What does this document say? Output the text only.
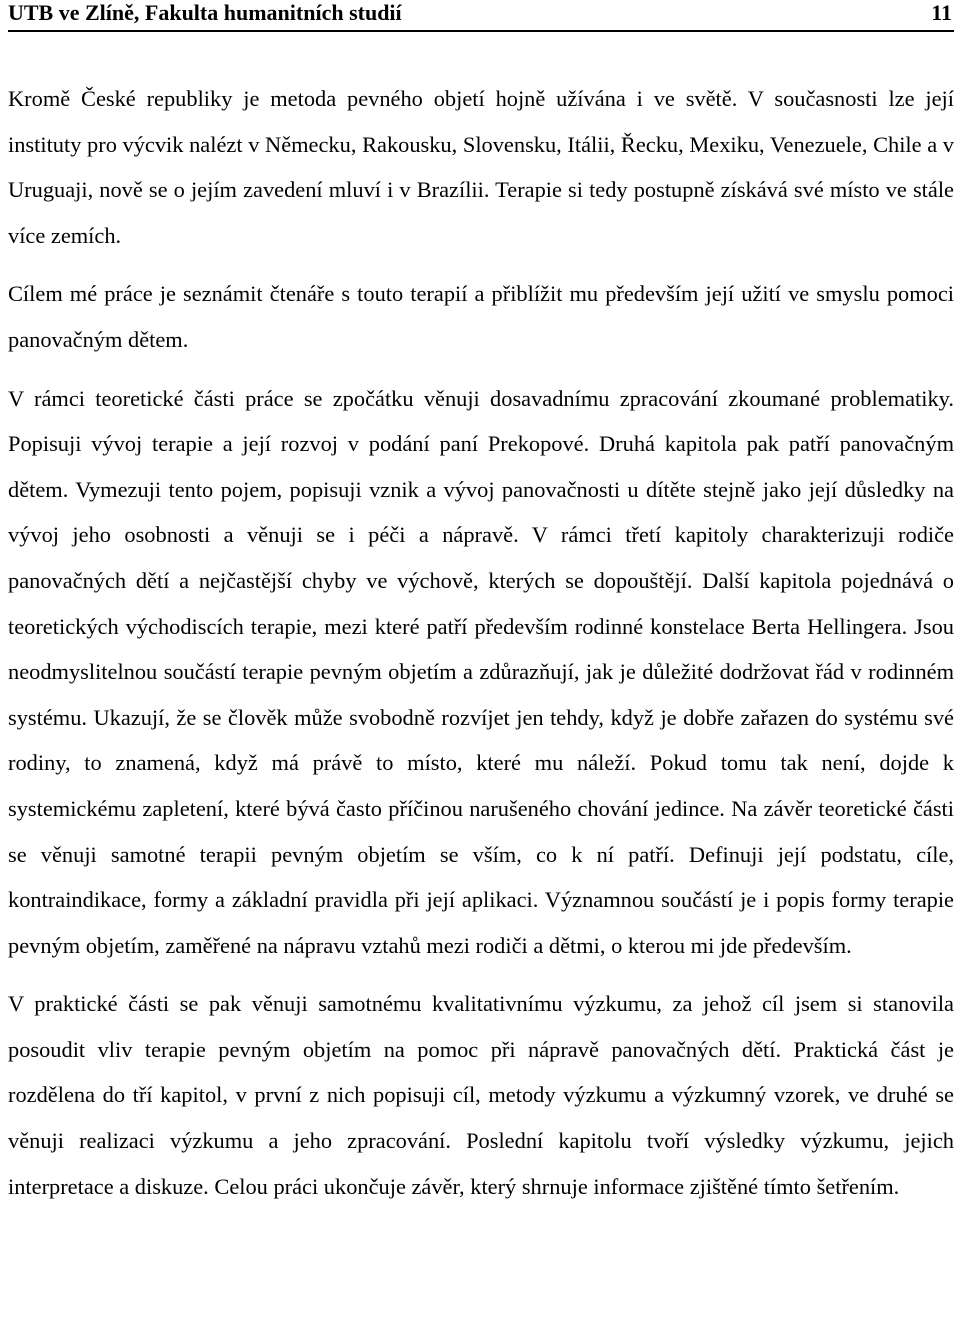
UTB ve Zlíně, Fakulta humanitních studií	11

Kromě České republiky je metoda pevného objetí hojně užívána i ve světě. V současnosti lze její instituty pro výcvik nalézt v Německu, Rakousku, Slovensku, Itálii, Řecku, Mexiku, Venezuele, Chile a v Uruguaji, nově se o jejím zavedení mluví i v Brazílii. Terapie si tedy postupně získává své místo ve stále více zemích.

Cílem mé práce je seznámit čtenáře s touto terapií a přiblížit mu především její užití ve smyslu pomoci panovačným dětem.

V rámci teoretické části práce se zpočátku věnuji dosavadnímu zpracování zkoumané problematiky. Popisuji vývoj terapie a její rozvoj v podání paní Prekopové. Druhá kapitola pak patří panovačným dětem. Vymezuji tento pojem, popisuji vznik a vývoj panovačnosti u dítěte stejně jako její důsledky na vývoj jeho osobnosti a věnuji se i péči a nápravě. V rámci třetí kapitoly charakterizuji rodiče panovačných dětí a nejčastější chyby ve výchově, kterých se dopouštějí. Další kapitola pojednává o teoretických východiscích terapie, mezi které patří především rodinné konstelace Berta Hellingera. Jsou neodmyslitelnou součástí terapie pevným objetím a zdůrazňují, jak je důležité dodržovat řád v rodinném systému. Ukazují, že se člověk může svobodně rozvíjet jen tehdy, když je dobře zařazen do systému své rodiny, to znamená, když má právě to místo, které mu náleží. Pokud tomu tak není, dojde k systemickému zapletení, které bývá často příčinou narušeného chování jedince. Na závěr teoretické části se věnuji samotné terapii pevným objetím se vším, co k ní patří. Definuji její podstatu, cíle, kontraindikace, formy a základní pravidla při její aplikaci. Významnou součástí je i popis formy terapie pevným objetím, zaměřené na nápravu vztahů mezi rodiči a dětmi, o kterou mi jde především.

V praktické části se pak věnuji samotnému kvalitativnímu výzkumu, za jehož cíl jsem si stanovila posoudit vliv terapie pevným objetím na pomoc při nápravě panovačných dětí. Praktická část je rozdělena do tří kapitol, v první z nich popisuji cíl, metody výzkumu a výzkumný vzorek, ve druhé se věnuji realizaci výzkumu a jeho zpracování. Poslední kapitolu tvoří výsledky výzkumu, jejich interpretace a diskuze. Celou práci ukončuje závěr, který shrnuje informace zjištěné tímto šetřením.
